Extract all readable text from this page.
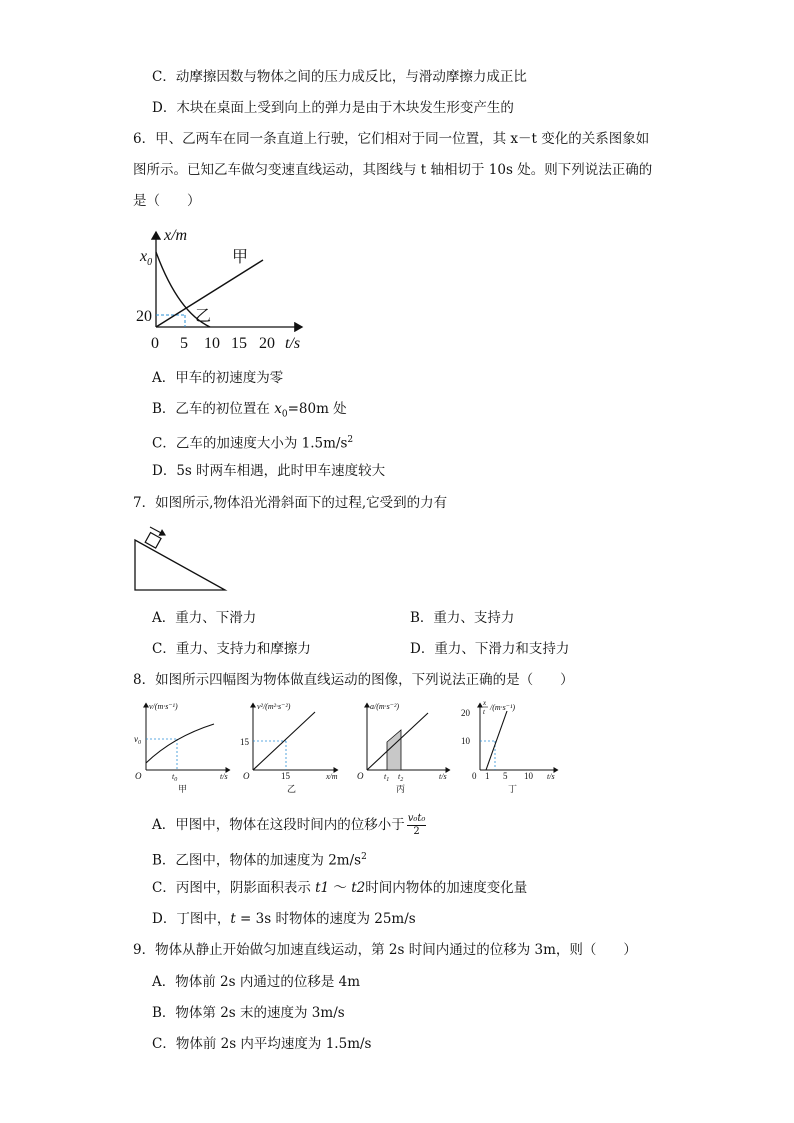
C．动摩擦因数与物体之间的压力成反比，与滑动摩擦力成正比
D．木块在桌面上受到向上的弹力是由于木块发生形变产生的
6．甲、乙两车在同一条直道上行驶，它们相对于同一位置，其 x－t 变化的关系图象如
图所示。已知乙车做匀变速直线运动，其图线与 t 轴相切于 10s 处。则下列说法正确的
是（　　）
x/m
$x_0$
20
0 5 10 15 20 t/s
甲
乙
A．甲车的初速度为零
B．乙车的初位置在 $x_0=80m$ 处
C．乙车的加速度大小为 $1.5m/s^2$
D．5s 时两车相遇，此时甲车速度较大
7．如图所示,物体沿光滑斜面下的过程,它受到的力有
A．重力、下滑力	B．重力、支持力
C．重力、支持力和摩擦力	D．重力、下滑力和支持力
8．如图所示四幅图为物体做直线运动的图像，下列说法正确的是（　　）
v/(m·s⁻¹)
$v_0$
O	$t_0$	t/s
甲
v²/(m²·s⁻²)
15
O	15	x/m
乙
a/(m·s⁻²)
O	$t_1$ $t_2$	t/s
丙
x
t /(m·s⁻¹)
20
10
0 1 5 10 t/s
丁
A．甲图中，物体在这段时间内的位移小于 $\frac{\text{v₀t₀}}{2}$
B．乙图中，物体的加速度为 $2m/s^2$
C．丙图中，阴影面积表示 t1 ～ t2时间内物体的加速度变化量
D．丁图中，t = 3s 时物体的速度为 25m/s
9．物体从静止开始做匀加速直线运动，第 2s 时间内通过的位移为 3m，则（　　）
A．物体前 2s 内通过的位移是 4m
B．物体第 2s 末的速度为 3m/s
C．物体前 2s 内平均速度为 1.5m/s
